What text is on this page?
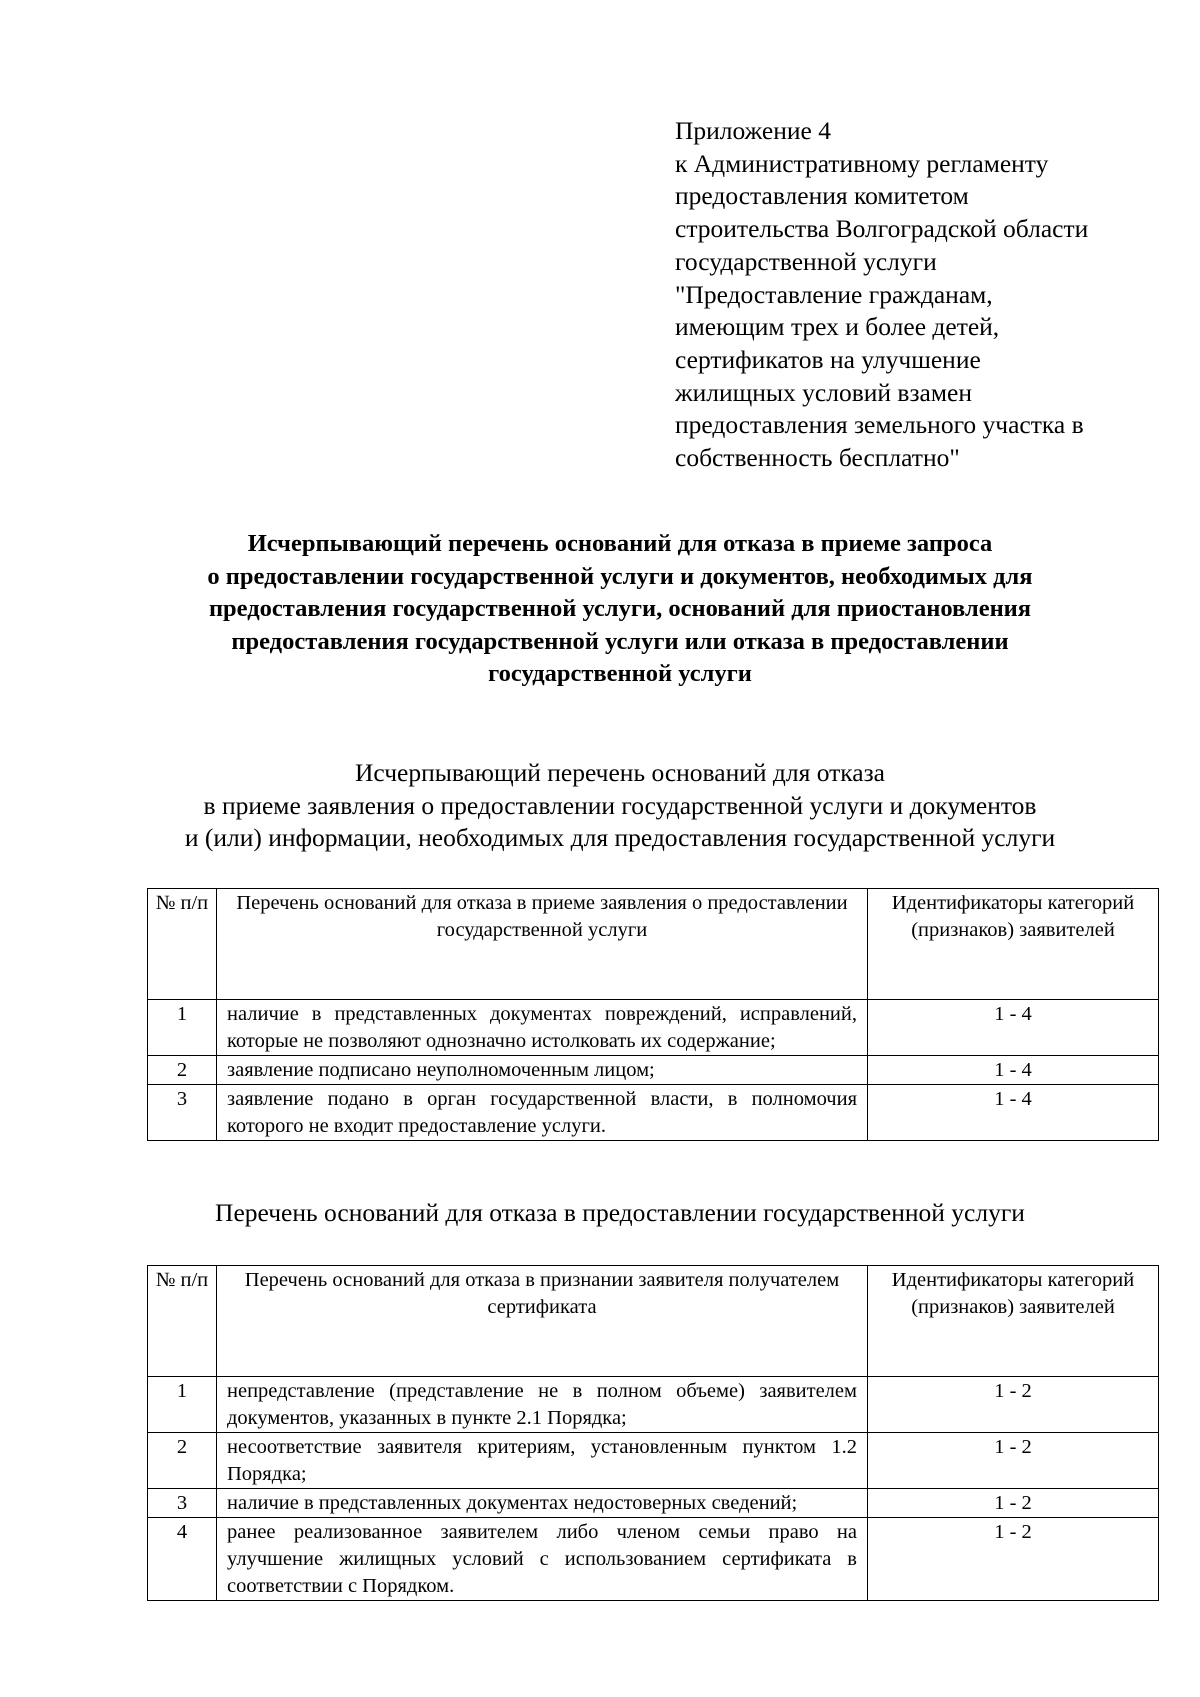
Приложение 4
к Административному регламенту
предоставления комитетом
строительства Волгоградской области
государственной услуги
"Предоставление гражданам,
имеющим трех и более детей,
сертификатов на улучшение
жилищных условий взамен
предоставления земельного участка в
собственность бесплатно"
Исчерпывающий перечень оснований для отказа в приеме запроса
о предоставлении государственной услуги и документов, необходимых для
предоставления государственной услуги, оснований для приостановления
предоставления государственной услуги или отказа в предоставлении
государственной услуги
Исчерпывающий перечень оснований для отказа
в приеме заявления о предоставлении государственной услуги и документов
и (или) информации, необходимых для предоставления государственной услуги
№ п/п	Перечень оснований для отказа в приеме заявления о предоставлении государственной услуги	Идентификаторы категорий (признаков) заявителей
1	наличие в представленных документах повреждений, исправлений, которые не позволяют однозначно истолковать их содержание;	1 - 4
2	заявление подписано неуполномоченным лицом;	1 - 4
3	заявление подано в орган государственной власти, в полномочия которого не входит предоставление услуги.	1 - 4
Перечень оснований для отказа в предоставлении государственной услуги
№ п/п	Перечень оснований для отказа в признании заявителя получателем сертификата	Идентификаторы категорий (признаков) заявителей
1	непредставление (представление не в полном объеме) заявителем документов, указанных в пункте 2.1 Порядка;	1 - 2
2	несоответствие заявителя критериям, установленным пунктом 1.2 Порядка;	1 - 2
3	наличие в представленных документах недостоверных сведений;	1 - 2
4	ранее реализованное заявителем либо членом семьи право на улучшение жилищных условий с использованием сертификата в соответствии с Порядком.	1 - 2
